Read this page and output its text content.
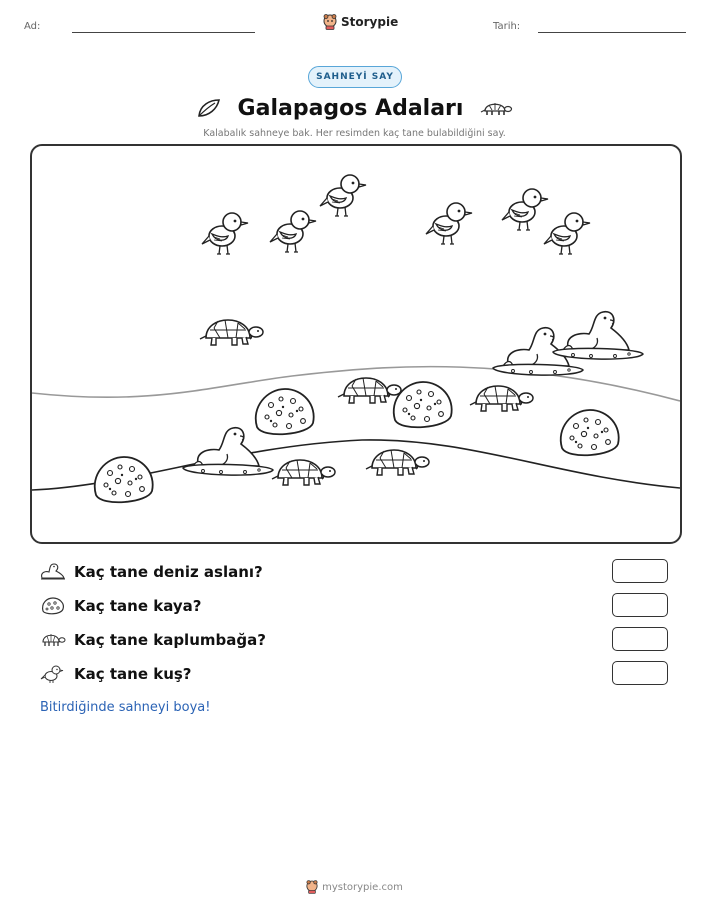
Ad:	Storypie	Tarih:
SAHNEYİ SAY
Galapagos Adaları
Kalabalık sahneye bak. Her resimden kaç tane bulabildiğini say.
Kaç tane deniz aslanı?
Kaç tane kaya?
Kaç tane kaplumbağa?
Kaç tane kuş?
Bitirdiğinde sahneyi boya!
mystorypie.com
